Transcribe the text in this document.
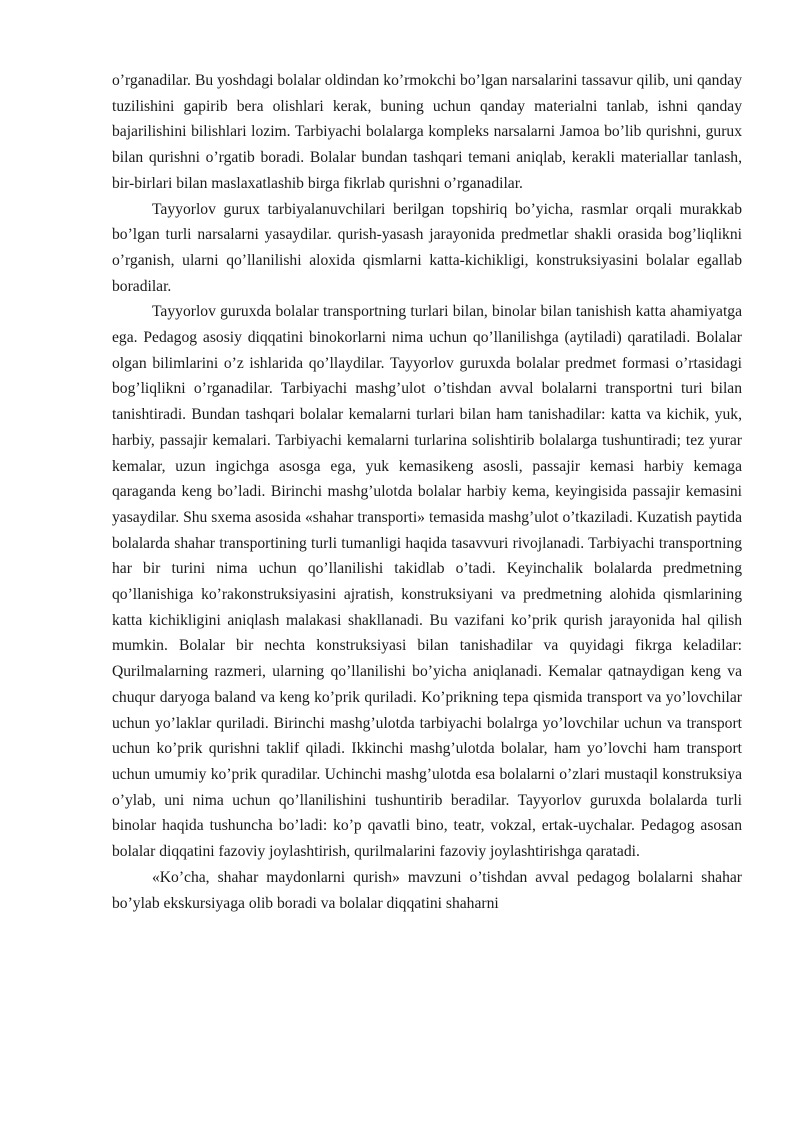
o’rganadilar. Bu yoshdagi bolalar oldindan ko’rmokchi bo’lgan narsalarini tassavur qilib, uni qanday tuzilishini gapirib bera olishlari kerak, buning uchun qanday materialni tanlab, ishni qanday bajarilishini bilishlari lozim. Tarbiyachi bolalarga kompleks narsalarni Jamoa bo’lib qurishni, gurux bilan qurishni o’rgatib boradi. Bolalar bundan tashqari temani aniqlab, kerakli materiallar tanlash, bir-birlari bilan maslaxatlashib birga fikrlab qurishni o’rganadilar.

Tayyorlov gurux tarbiyalanuvchilari berilgan topshiriq bo’yicha, rasmlar orqali murakkab bo’lgan turli narsalarni yasaydilar. qurish-yasash jarayonida predmetlar shakli orasida bog’liqlikni o’rganish, ularni qo’llanilishi aloxida qismlarni katta-kichikligi, konstruksiyasini bolalar egallab boradilar.

Tayyorlov guruxda bolalar transportning turlari bilan, binolar bilan tanishish katta ahamiyatga ega. Pedagog asosiy diqqatini binokorlarni nima uchun qo’llanilishga (aytiladi) qaratiladi. Bolalar olgan bilimlarini o’z ishlarida qo’llaydilar. Tayyorlov guruxda bolalar predmet formasi o’rtasidagi bog’liqlikni o’rganadilar. Tarbiyachi mashg’ulot o’tishdan avval bolalarni transportni turi bilan tanishtiradi. Bundan tashqari bolalar kemalarni turlari bilan ham tanishadilar: katta va kichik, yuk, harbiy, passajir kemalari. Tarbiyachi kemalarni turlarina solishtirib bolalarga tushuntiradi; tez yurar kemalar, uzun ingichga asosga ega, yuk kemasikeng asosli, passajir kemasi harbiy kemaga qaraganda keng bo’ladi. Birinchi mashg’ulotda bolalar harbiy kema, keyingisida passajir kemasini yasaydilar. Shu sxema asosida «shahar transporti» temasida mashg’ulot o’tkaziladi. Kuzatish paytida bolalarda shahar transportining turli tumanligi haqida tasavvuri rivojlanadi. Tarbiyachi transportning har bir turini nima uchun qo’llanilishi takidlab o’tadi. Keyinchalik bolalarda predmetning qo’llanishiga ko’rakonstruksiyasini ajratish, konstruksiyani va predmetning alohida qismlarining katta kichikligini aniqlash malakasi shakllanadi. Bu vazifani ko’prik qurish jarayonida hal qilish mumkin. Bolalar bir nechta konstruksiyasi bilan tanishadilar va quyidagi fikrga keladilar: Qurilmalarning razmeri, ularning qo’llanilishi bo’yicha aniqlanadi. Kemalar qatnaydigan keng va chuqur daryoga baland va keng ko’prik quriladi. Ko’prikning tepa qismida transport va yo’lovchilar uchun yo’laklar quriladi. Birinchi mashg’ulotda tarbiyachi bolalrga yo’lovchilar uchun va transport uchun ko’prik qurishni taklif qiladi. Ikkinchi mashg’ulotda bolalar, ham yo’lovchi ham transport uchun umumiy ko’prik quradilar. Uchinchi mashg’ulotda esa bolalarni o’zlari mustaqil konstruksiya o’ylab, uni nima uchun qo’llanilishini tushuntirib beradilar. Tayyorlov guruxda bolalarda turli binolar haqida tushuncha bo’ladi: ko’p qavatli bino, teatr, vokzal, ertak-uychalar. Pedagog asosan bolalar diqqatini fazoviy joylashtirish, qurilmalarini fazoviy joylashtirishga qaratadi.

«Ko’cha, shahar maydonlarni qurish» mavzuni o’tishdan avval pedagog bolalarni shahar bo’ylab ekskursiyaga olib boradi va bolalar diqqatini shaharni
